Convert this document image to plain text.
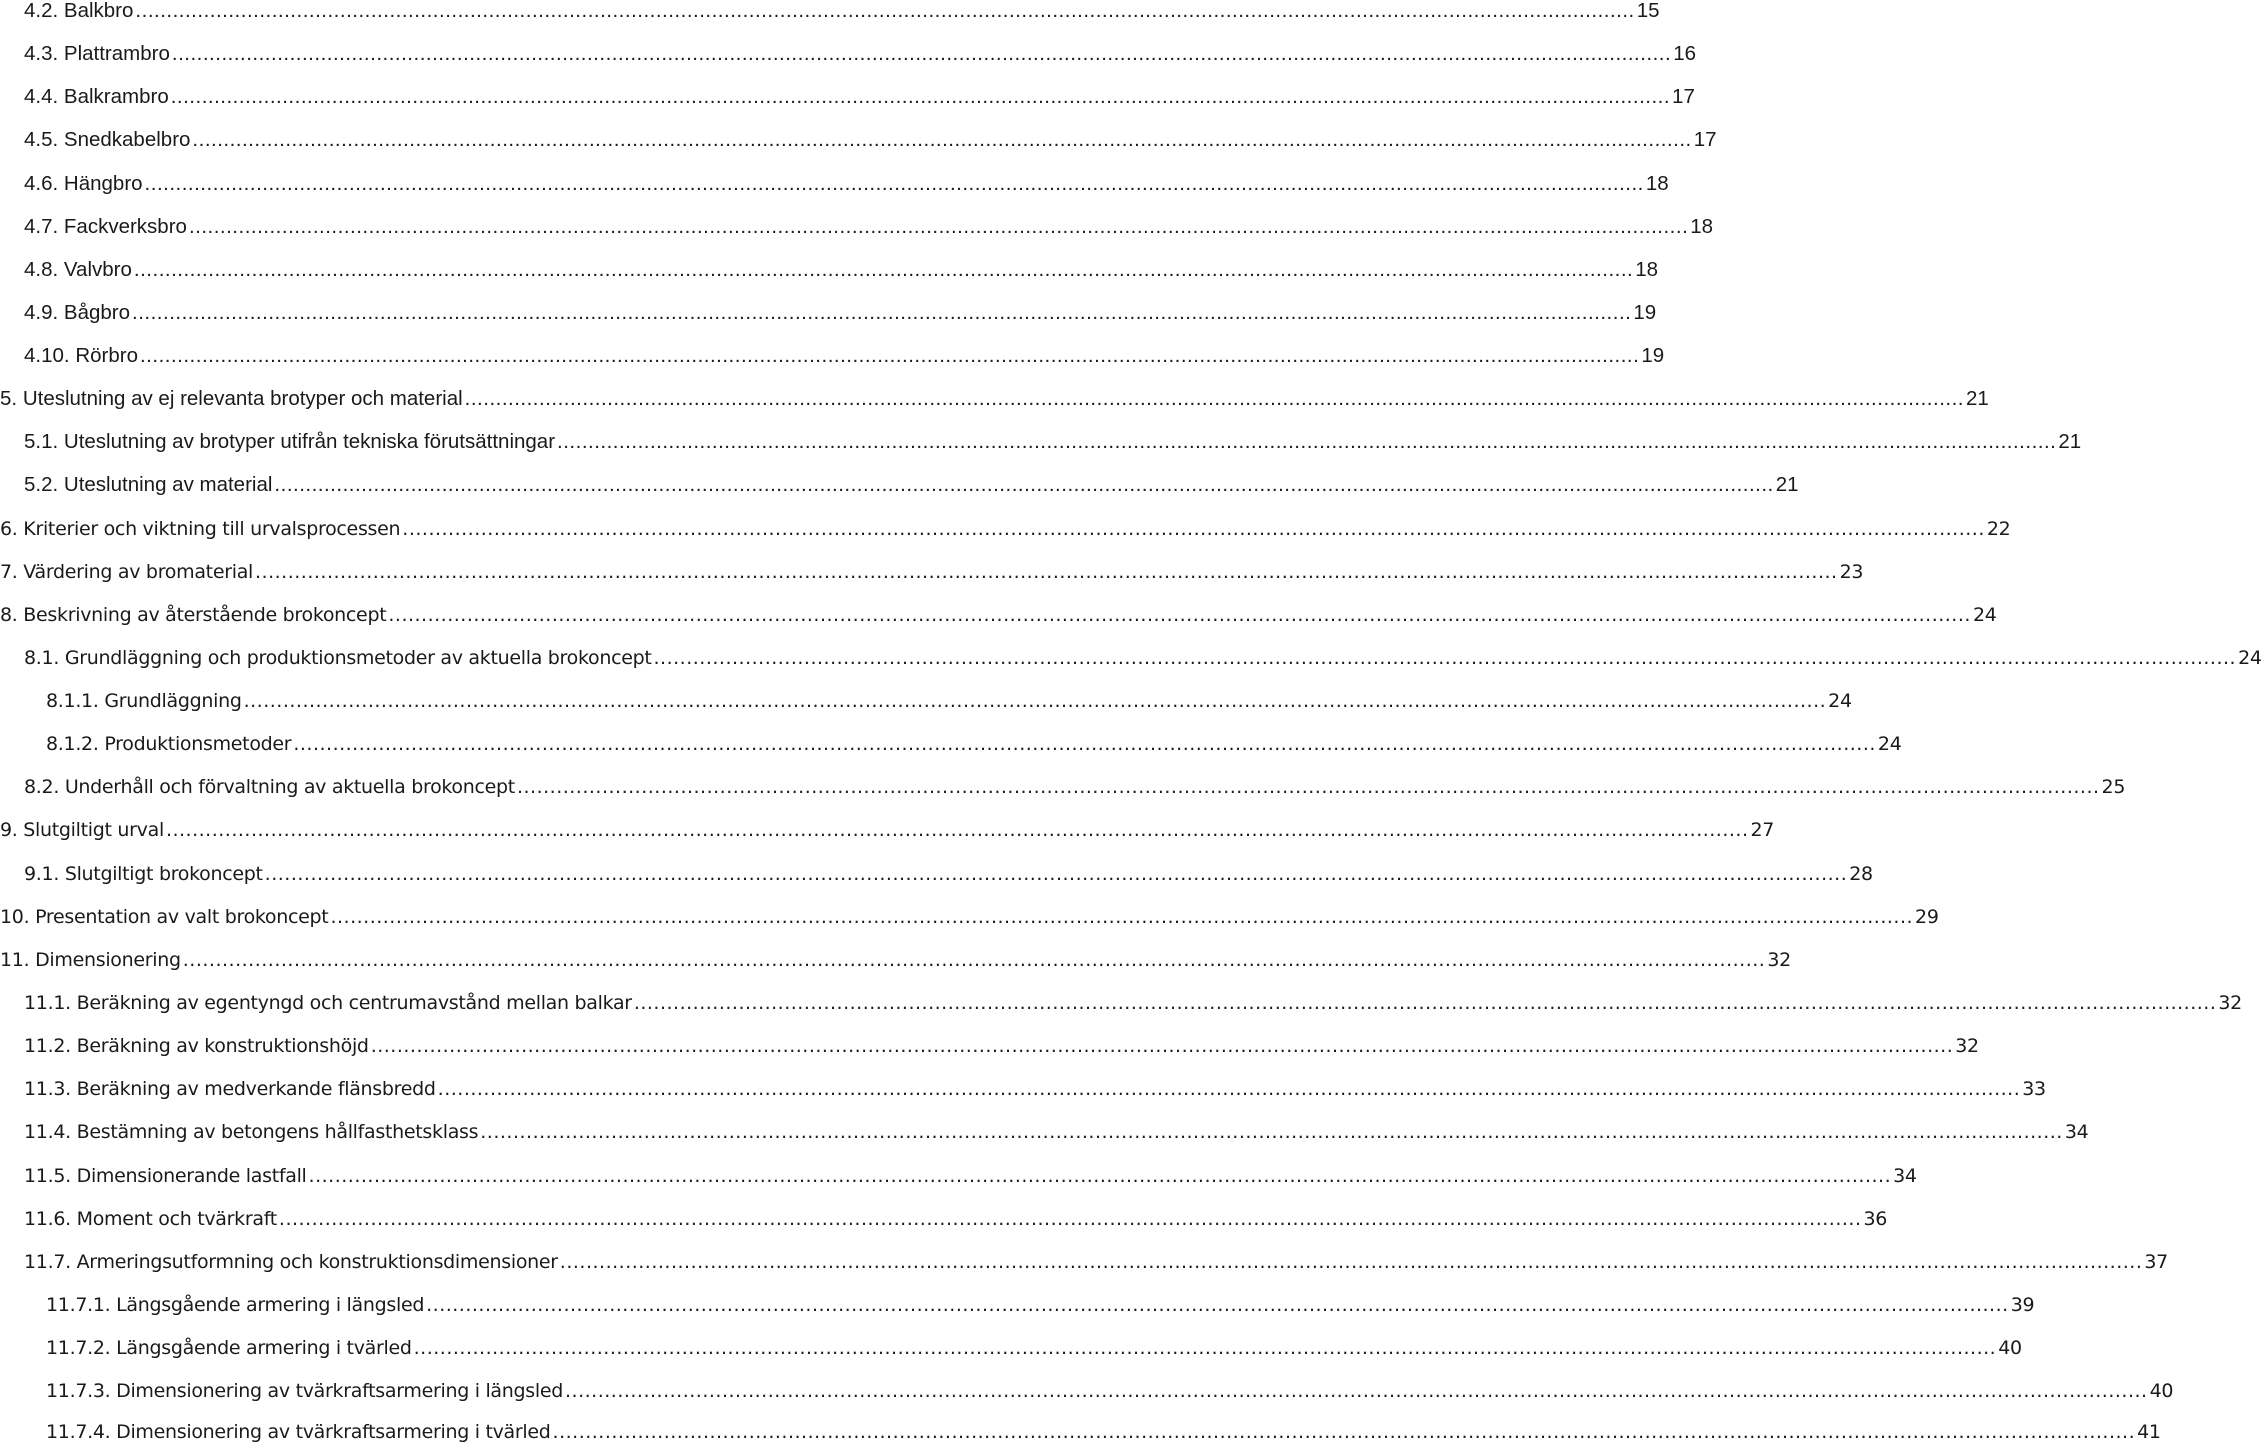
4.2. Balkbro .....	15
4.3. Plattrambro .....	16
4.4. Balkrambro .....	17
4.5. Snedkabelbro .....	17
4.6. Hängbro .....	18
4.7. Fackverksbro .....	18
4.8. Valvbro .....	18
4.9. Bågbro .....	19
4.10. Rörbro .....	19
5. Uteslutning av ej relevanta brotyper och material .....	21
5.1. Uteslutning av brotyper utifrån tekniska förutsättningar .....	21
5.2. Uteslutning av material .....	21
6. Kriterier och viktning till urvalsprocessen .....	22
7. Värdering av bromaterial .....	23
8. Beskrivning av återstående brokoncept .....	24
8.1. Grundläggning och produktionsmetoder av aktuella brokoncept .....	24
8.1.1. Grundläggning .....	24
8.1.2. Produktionsmetoder .....	24
8.2. Underhåll och förvaltning av aktuella brokoncept .....	25
9. Slutgiltigt urval .....	27
9.1. Slutgiltigt brokoncept .....	28
10. Presentation av valt brokoncept .....	29
11. Dimensionering .....	32
11.1. Beräkning av egentyngd och centrumavstånd mellan balkar .....	32
11.2. Beräkning av konstruktionshöjd .....	32
11.3. Beräkning av medverkande flänsbredd .....	33
11.4. Bestämning av betongens hållfasthetsklass .....	34
11.5. Dimensionerande lastfall .....	34
11.6. Moment och tvärkraft .....	36
11.7. Armeringsutformning och konstruktionsdimensioner .....	37
11.7.1. Längsgående armering i längsled .....	39
11.7.2. Längsgående armering i tvärled .....	40
11.7.3. Dimensionering av tvärkraftsarmering i längsled .....	40
11.7.4. Dimensionering av tvärkraftsarmering i tvärled .....	41
